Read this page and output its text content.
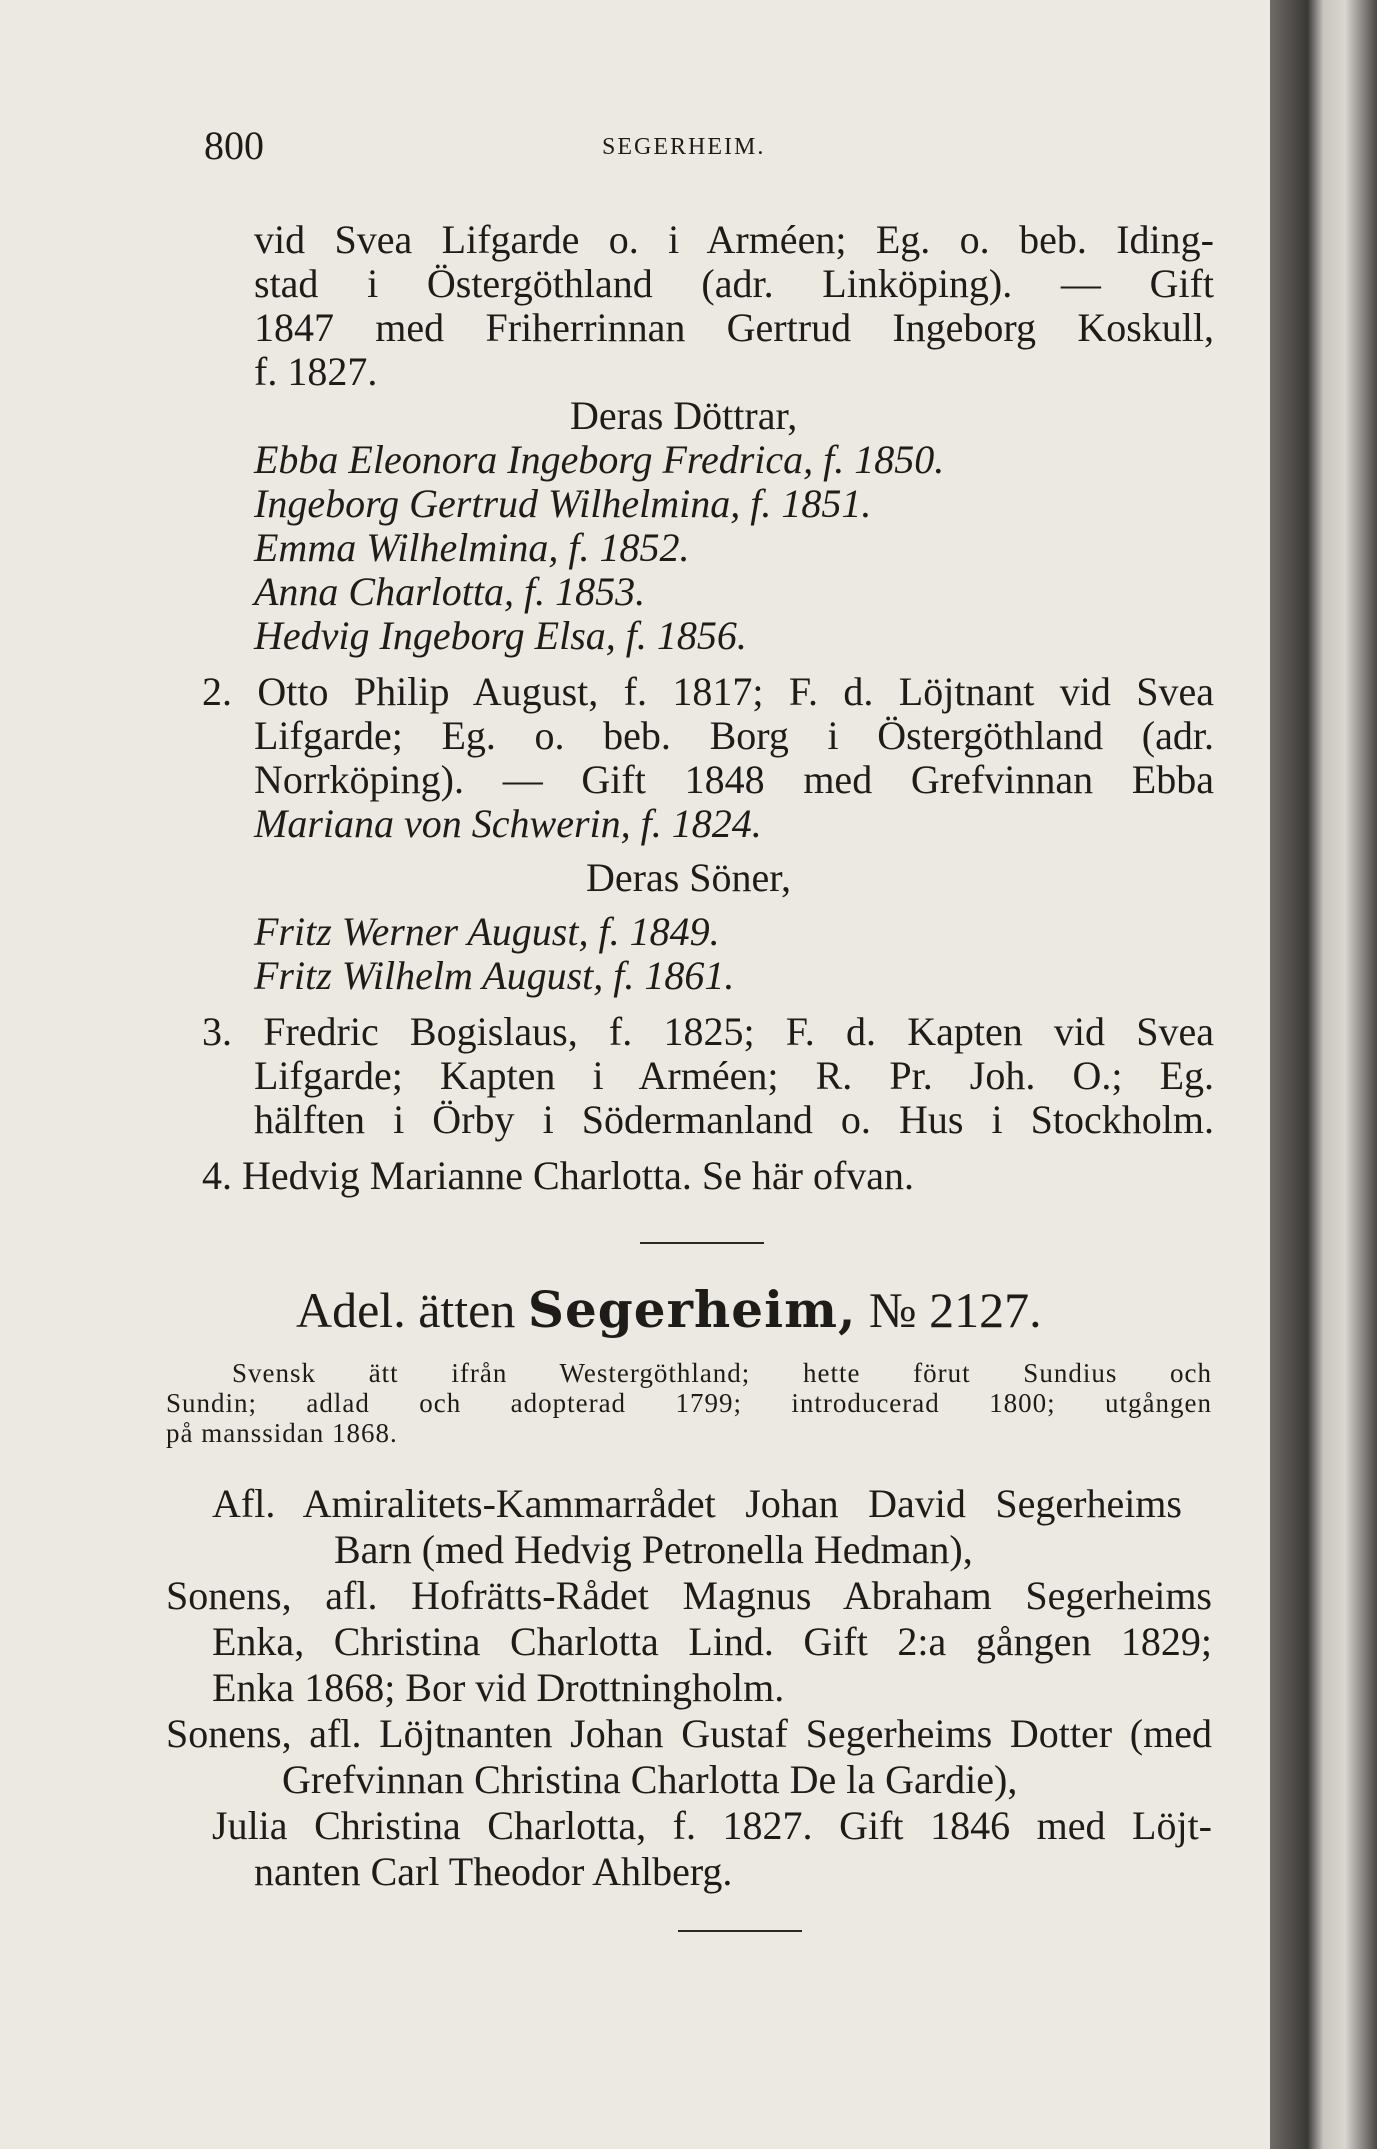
800	SEGERHEIM.
vid Svea Lifgarde o. i Arméen; Eg. o. beb. Iding-
stad i Östergöthland (adr. Linköping). — Gift
1847 med Friherrinnan Gertrud Ingeborg Koskull,
f. 1827.
Deras Döttrar,
Ebba Eleonora Ingeborg Fredrica, f. 1850.
Ingeborg Gertrud Wilhelmina, f. 1851.
Emma Wilhelmina, f. 1852.
Anna Charlotta, f. 1853.
Hedvig Ingeborg Elsa, f. 1856.
2. Otto Philip August, f. 1817; F. d. Löjtnant vid Svea
Lifgarde; Eg. o. beb. Borg i Östergöthland (adr.
Norrköping). — Gift 1848 med Grefvinnan Ebba
Mariana von Schwerin, f. 1824.
Deras Söner,
Fritz Werner August, f. 1849.
Fritz Wilhelm August, f. 1861.
3. Fredric Bogislaus, f. 1825; F. d. Kapten vid Svea
Lifgarde; Kapten i Arméen; R. Pr. Joh. O.; Eg.
hälften i Örby i Södermanland o. Hus i Stockholm.
4. Hedvig Marianne Charlotta. Se här ofvan.
Adel. ätten Segerheim, № 2127.
Svensk ätt ifrån Westergöthland; hette förut Sundius och
Sundin; adlad och adopterad 1799; introducerad 1800; utgången
på manssidan 1868.
Afl. Amiralitets-Kammarrådet Johan David Segerheims
Barn (med Hedvig Petronella Hedman),
Sonens, afl. Hofrätts-Rådet Magnus Abraham Segerheims
Enka, Christina Charlotta Lind. Gift 2:a gången 1829;
Enka 1868; Bor vid Drottningholm.
Sonens, afl. Löjtnanten Johan Gustaf Segerheims Dotter (med
Grefvinnan Christina Charlotta De la Gardie),
Julia Christina Charlotta, f. 1827. Gift 1846 med Löjt-
nanten Carl Theodor Ahlberg.
